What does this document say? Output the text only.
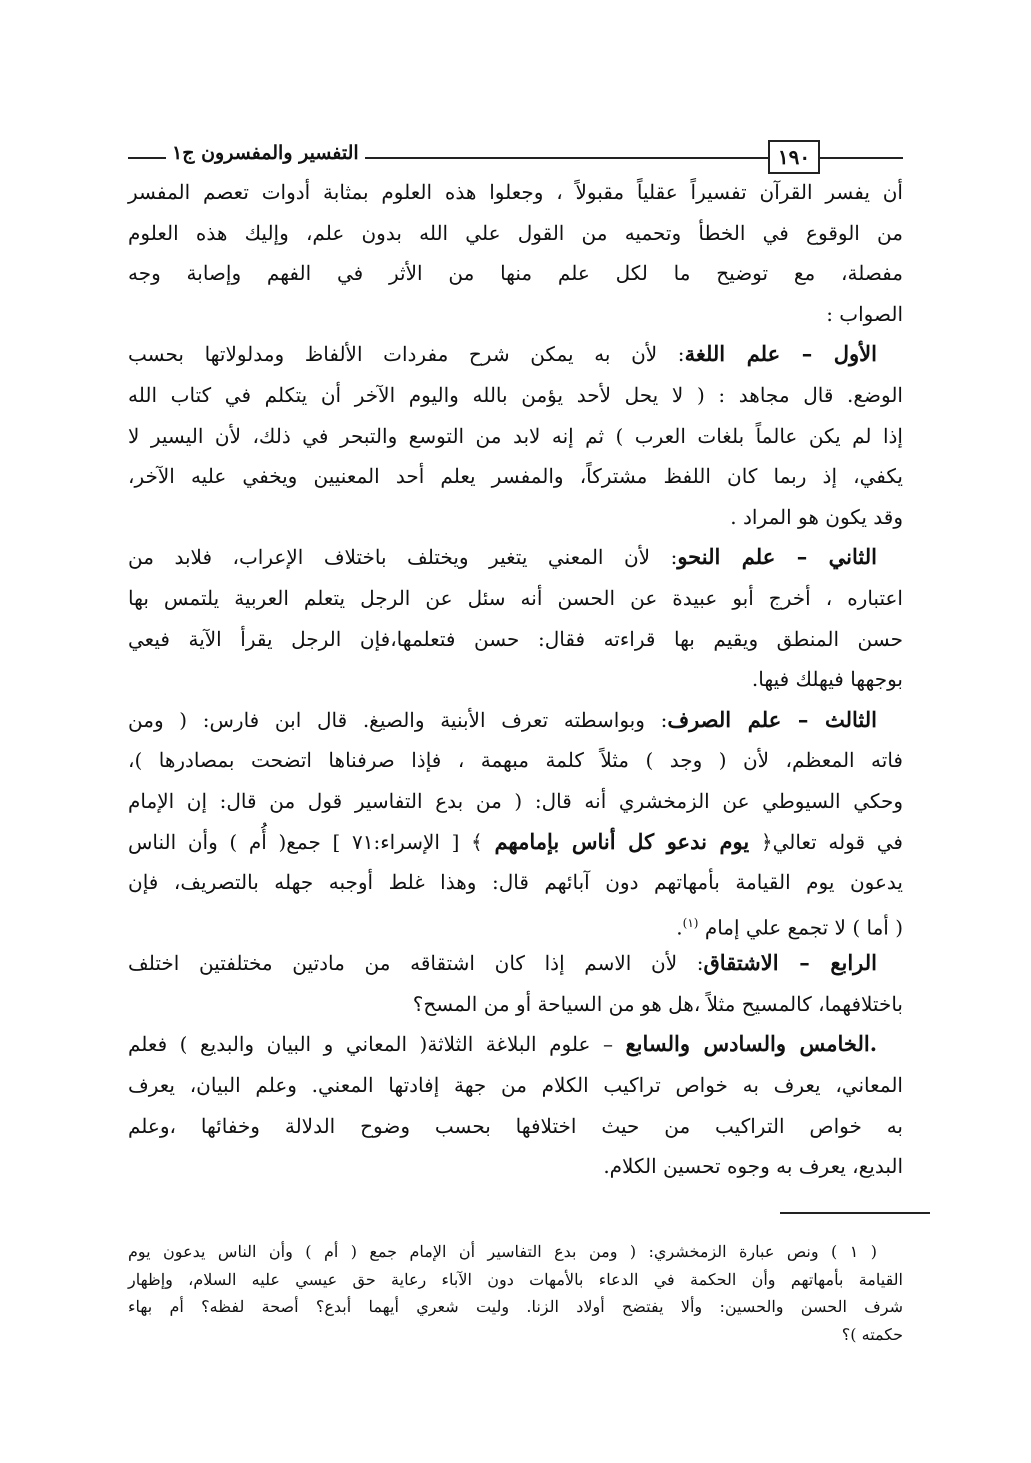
التفسير والمفسرون ج١	١٩٠
أن يفسر القرآن تفسيراً عقلياً مقبولاً ، وجعلوا هذه العلوم بمثابة أدوات تعصم المفسر
من الوقوع في الخطأ وتحميه من القول علي الله بدون علم، وإليك هذه العلوم
مفصلة، مع توضيح ما لكل علم منها من الأثر في الفهم وإصابة وجه
الصواب :
الأول – علم اللغة: لأن به يمكن شرح مفردات الألفاظ ومدلولاتها بحسب
الوضع. قال مجاهد : ( لا يحل لأحد يؤمن بالله واليوم الآخر أن يتكلم في كتاب الله
إذا لم يكن عالماً بلغات العرب ) ثم إنه لابد من التوسع والتبحر في ذلك، لأن اليسير لا
يكفي، إذ ربما كان اللفظ مشتركاً، والمفسر يعلم أحد المعنيين ويخفي عليه الآخر،
وقد يكون هو المراد .
الثاني – علم النحو: لأن المعني يتغير ويختلف باختلاف الإعراب، فلابد من
اعتباره ، أخرج أبو عبيدة عن الحسن أنه سئل عن الرجل يتعلم العربية يلتمس بها
حسن المنطق ويقيم بها قراءته فقال: حسن فتعلمها،فإن الرجل يقرأ الآية فيعي
بوجهها فيهلك فيها.
الثالث – علم الصرف: وبواسطته تعرف الأبنية والصيغ. قال ابن فارس: ( ومن
فاته المعظم، لأن ( وجد ) مثلاً كلمة مبهمة ، فإذا صرفناها اتضحت بمصادرها )،
وحكي السيوطي عن الزمخشري أنه قال: ( من بدع التفاسير قول من قال: إن الإمام
في قوله تعالي﴿ يوم ندعو كل أناس بإمامهم ﴾ [ الإسراء:٧١ ] جمع( أُم ) وأن الناس
يدعون يوم القيامة بأمهاتهم دون آبائهم قال: وهذا غلط أوجبه جهله بالتصريف، فإن
( أما ) لا تجمع علي إمام $^{(١)}$.
الرابع – الاشتقاق: لأن الاسم إذا كان اشتقاقه من مادتين مختلفتين اختلف
باختلافهما، كالمسيح مثلاً ،هل هو من السياحة أو من المسح؟
.الخامس والسادس والسابع – علوم البلاغة الثلاثة( المعاني و البيان والبديع ) فعلم
المعاني، يعرف به خواص تراكيب الكلام من جهة إفادتها المعني. وعلم البيان، يعرف
به خواص التراكيب من حيث اختلافها بحسب وضوح الدلالة وخفائها ،وعلم
البديع، يعرف به وجوه تحسين الكلام.
( ١ ) ونص عبارة الزمخشري: ( ومن بدع التفاسير أن الإمام جمع ( أم ) وأن الناس يدعون يوم
القيامة بأمهاتهم وأن الحكمة في الدعاء بالأمهات دون الآباء رعاية حق عيسي عليه السلام، وإظهار
شرف الحسن والحسين: وألا يفتضح أولاد الزنا. وليت شعري أيهما أبدع؟ أصحة لفظه؟ أم بهاء
حكمته )؟
